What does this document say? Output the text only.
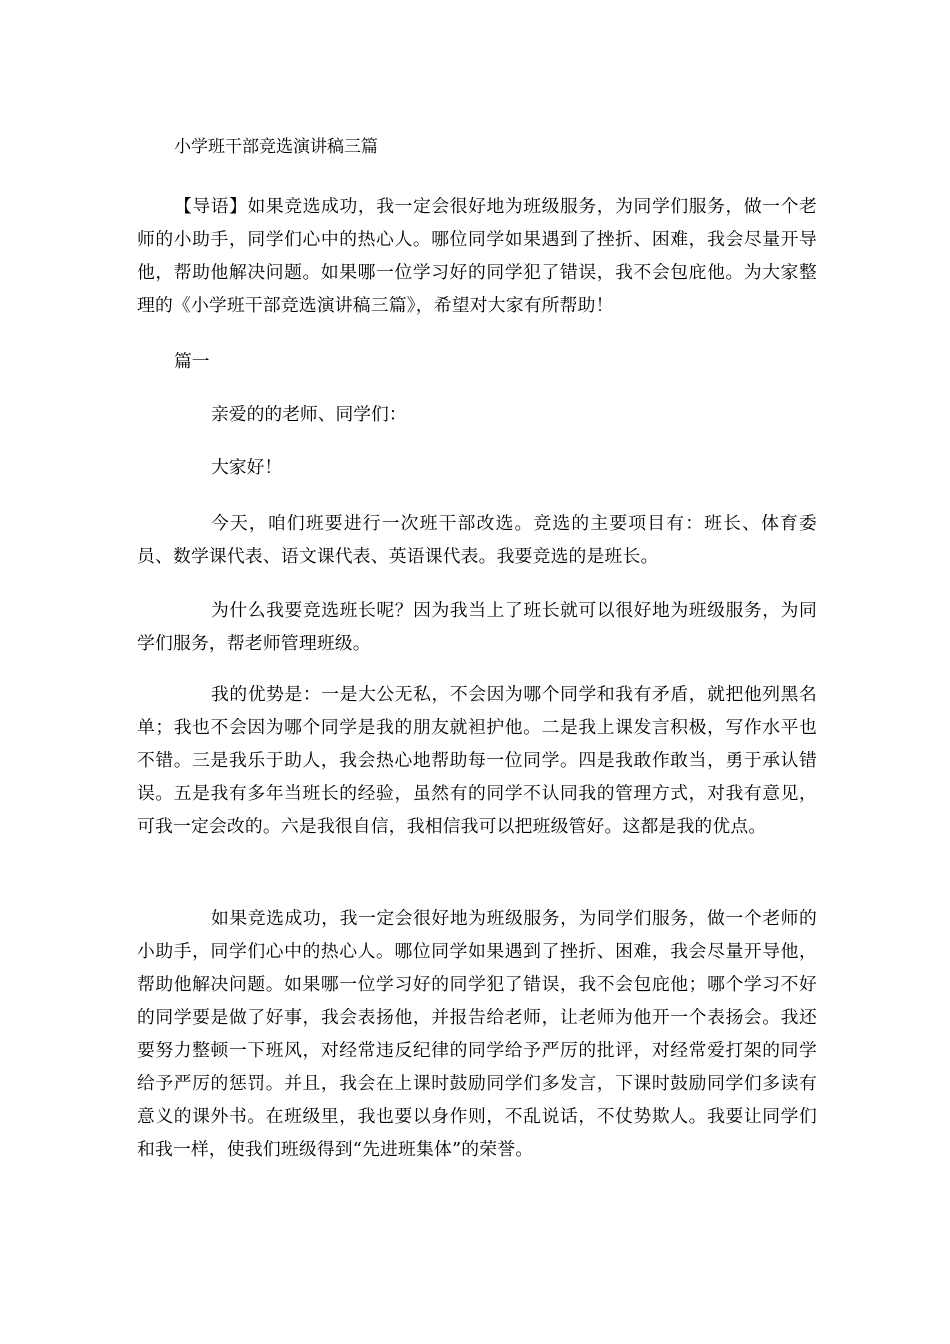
小学班干部竞选演讲稿三篇
【导语】如果竞选成功，我一定会很好地为班级服务，为同学们服务，做一个老师的小助手，同学们心中的热心人。哪位同学如果遇到了挫折、困难，我会尽量开导他，帮助他解决问题。如果哪一位学习好的同学犯了错误，我不会包庇他。为大家整理的《小学班干部竞选演讲稿三篇》，希望对大家有所帮助！
篇一
亲爱的的老师、同学们：
大家好！
今天，咱们班要进行一次班干部改选。竞选的主要项目有：班长、体育委员、数学课代表、语文课代表、英语课代表。我要竞选的是班长。
为什么我要竞选班长呢？因为我当上了班长就可以很好地为班级服务，为同学们服务，帮老师管理班级。
我的优势是：一是大公无私，不会因为哪个同学和我有矛盾，就把他列黑名单；我也不会因为哪个同学是我的朋友就袒护他。二是我上课发言积极，写作水平也不错。三是我乐于助人，我会热心地帮助每一位同学。四是我敢作敢当，勇于承认错误。五是我有多年当班长的经验，虽然有的同学不认同我的管理方式，对我有意见，可我一定会改的。六是我很自信，我相信我可以把班级管好。这都是我的优点。
如果竞选成功，我一定会很好地为班级服务，为同学们服务，做一个老师的小助手，同学们心中的热心人。哪位同学如果遇到了挫折、困难，我会尽量开导他，帮助他解决问题。如果哪一位学习好的同学犯了错误，我不会包庇他；哪个学习不好的同学要是做了好事，我会表扬他，并报告给老师，让老师为他开一个表扬会。我还要努力整顿一下班风，对经常违反纪律的同学给予严厉的批评，对经常爱打架的同学给予严厉的惩罚。并且，我会在上课时鼓励同学们多发言，下课时鼓励同学们多读有意义的课外书。在班级里，我也要以身作则，不乱说话，不仗势欺人。我要让同学们和我一样，使我们班级得到“先进班集体”的荣誉。
